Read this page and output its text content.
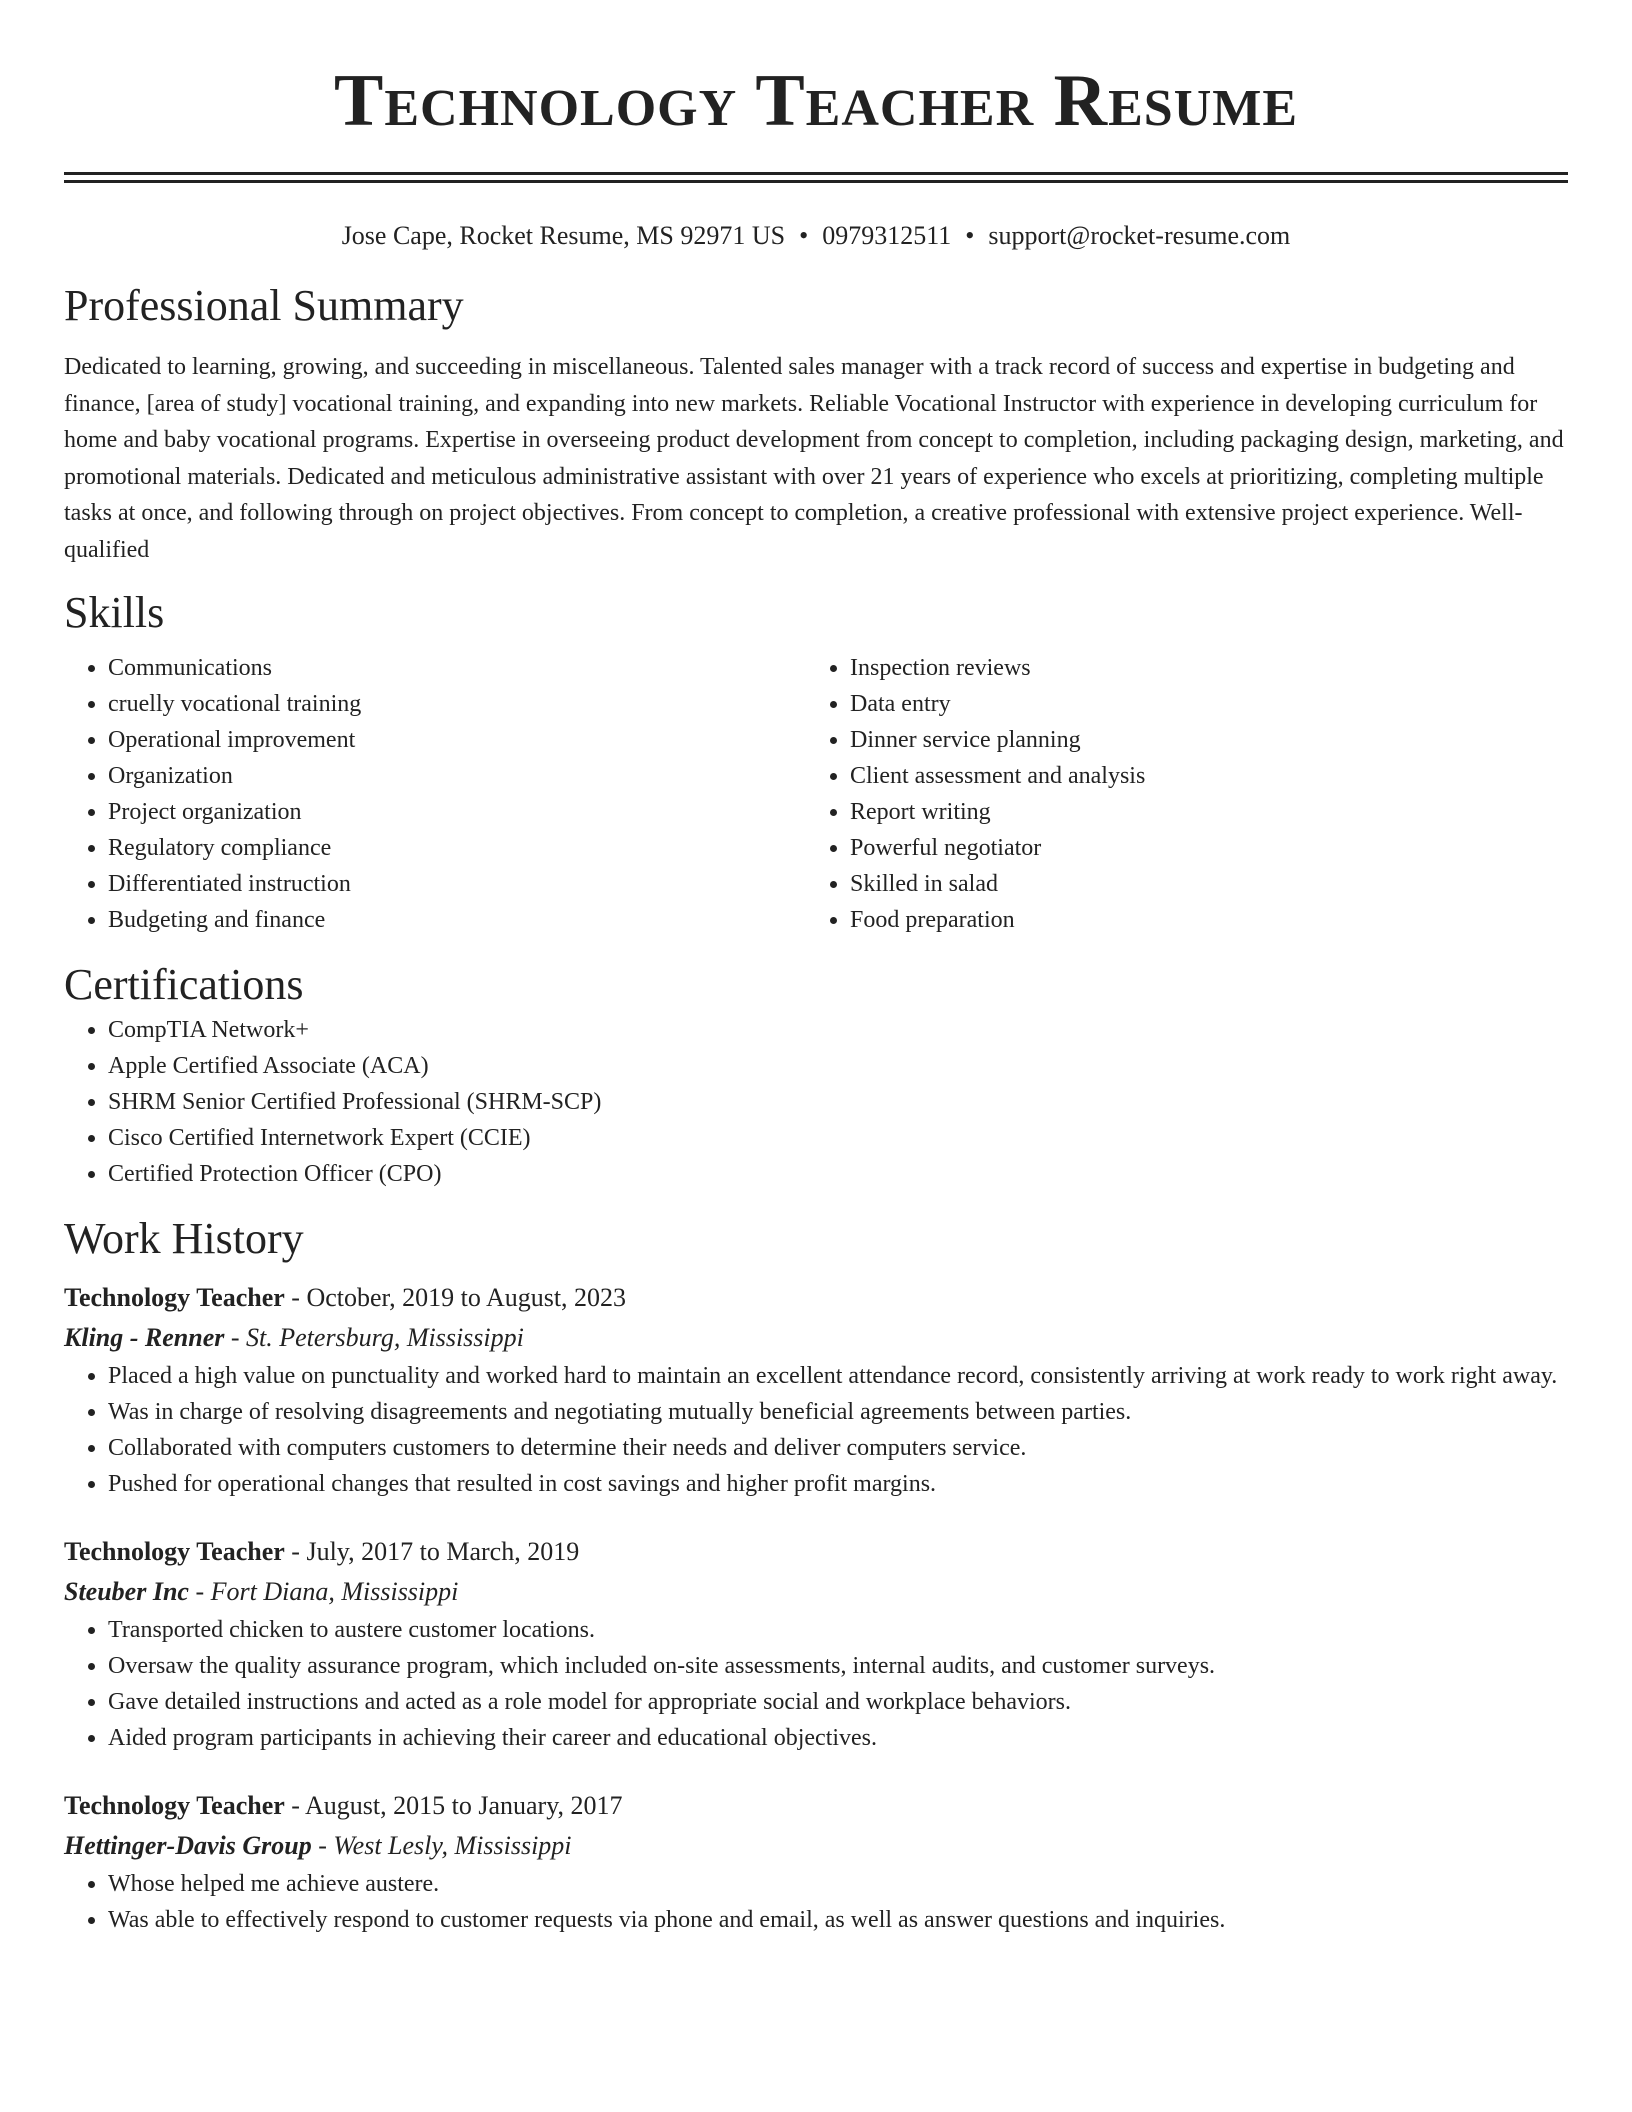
Technology Teacher Resume
Jose Cape, Rocket Resume, MS 92971 US • 0979312511 • support@rocket-resume.com
Professional Summary

Dedicated to learning, growing, and succeeding in miscellaneous. Talented sales manager with a track record of success and expertise in budgeting and finance, [area of study] vocational training, and expanding into new markets. Reliable Vocational Instructor with experience in developing curriculum for home and baby vocational programs. Expertise in overseeing product development from concept to completion, including packaging design, marketing, and promotional materials. Dedicated and meticulous administrative assistant with over 21 years of experience who excels at prioritizing, completing multiple tasks at once, and following through on project objectives. From concept to completion, a creative professional with extensive project experience. Well-qualified

Skills
• Communications
• cruelly vocational training
• Operational improvement
• Organization
• Project organization
• Regulatory compliance
• Differentiated instruction
• Budgeting and finance
• Inspection reviews
• Data entry
• Dinner service planning
• Client assessment and analysis
• Report writing
• Powerful negotiator
• Skilled in salad
• Food preparation
Certifications
• CompTIA Network+
• Apple Certified Associate (ACA)
• SHRM Senior Certified Professional (SHRM-SCP)
• Cisco Certified Internetwork Expert (CCIE)
• Certified Protection Officer (CPO)
Work History
Technology Teacher - October, 2019 to August, 2023
Kling - Renner - St. Petersburg, Mississippi
• Placed a high value on punctuality and worked hard to maintain an excellent attendance record, consistently arriving at work ready to work right away.
• Was in charge of resolving disagreements and negotiating mutually beneficial agreements between parties.
• Collaborated with computers customers to determine their needs and deliver computers service.
• Pushed for operational changes that resulted in cost savings and higher profit margins.
Technology Teacher - July, 2017 to March, 2019
Steuber Inc - Fort Diana, Mississippi
• Transported chicken to austere customer locations.
• Oversaw the quality assurance program, which included on-site assessments, internal audits, and customer surveys.
• Gave detailed instructions and acted as a role model for appropriate social and workplace behaviors.
• Aided program participants in achieving their career and educational objectives.
Technology Teacher - August, 2015 to January, 2017
Hettinger-Davis Group - West Lesly, Mississippi
• Whose helped me achieve austere.
• Was able to effectively respond to customer requests via phone and email, as well as answer questions and inquiries.
